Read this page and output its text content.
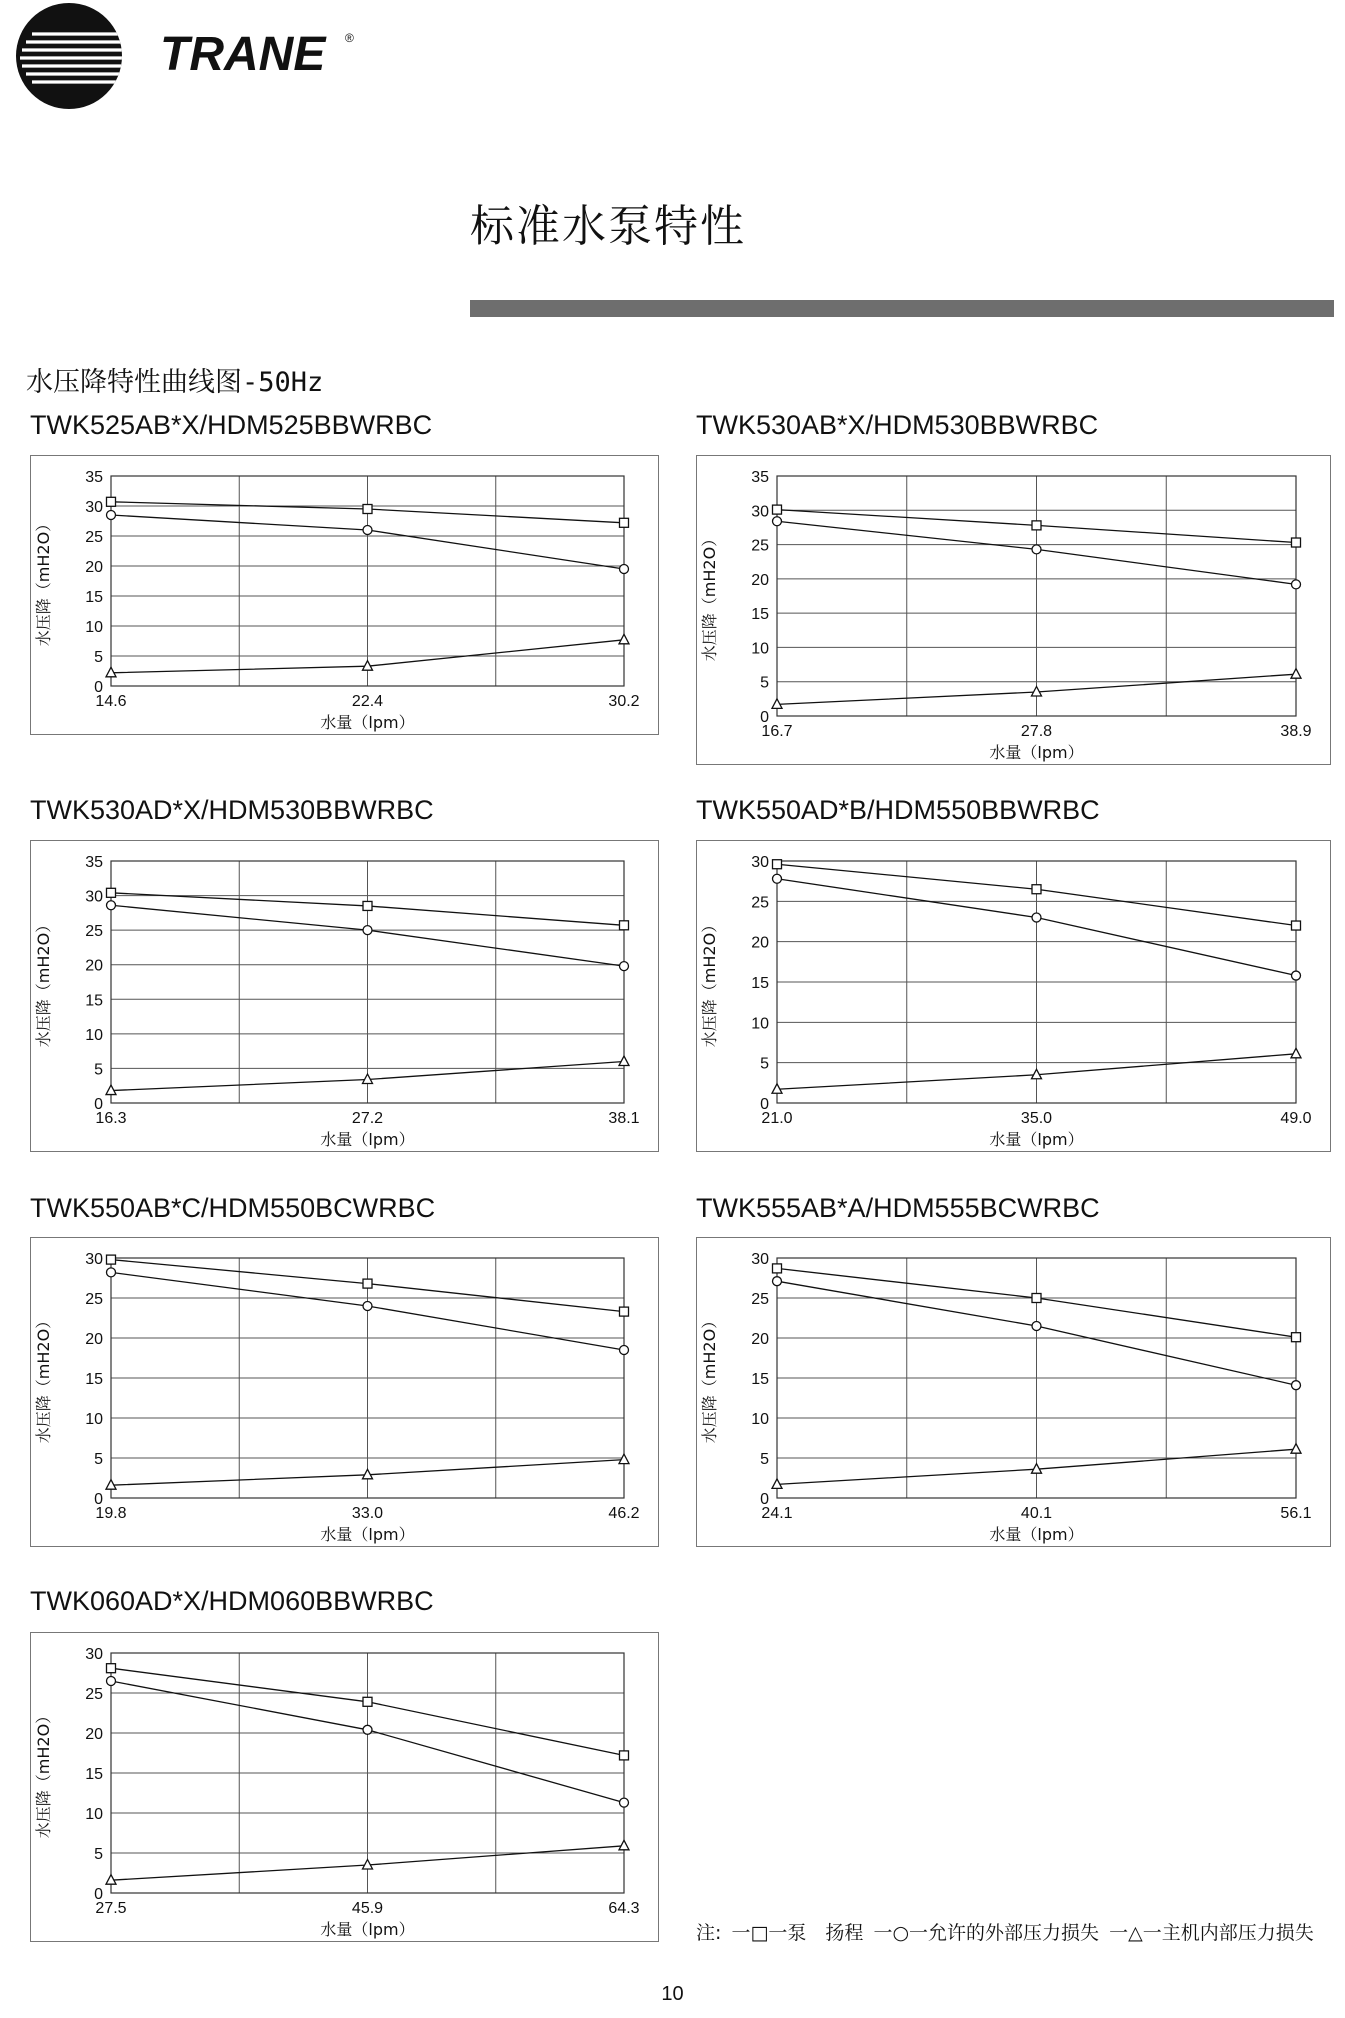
TRANE ®
标准水泵特性
水压降特性曲线图-50Hz
TWK525AB*X/HDM525BBWRBC
0
5
10
15
20
25
30
35
14.6	22.4	30.2
水量（lpm）
水压降（mH2O）
TWK530AB*X/HDM530BBWRBC
0
5
10
15
20
25
30
35
16.7	27.8	38.9
水量（lpm）
水压降（mH2O）
TWK530AD*X/HDM530BBWRBC
0
5
10
15
20
25
30
35
16.3	27.2	38.1
水量（lpm）
水压降（mH2O）
TWK550AD*B/HDM550BBWRBC
0
5
10
15
20
25
30
21.0	35.0	49.0
水量（lpm）
水压降（mH2O）
TWK550AB*C/HDM550BCWRBC
0
5
10
15
20
25
30
19.8	33.0	46.2
水量（lpm）
水压降（mH2O）
TWK555AB*A/HDM555BCWRBC
0
5
10
15
20
25
30
24.1	40.1	56.1
水量（lpm）
水压降（mH2O）
TWK060AD*X/HDM060BBWRBC
0
5
10
15
20
25
30
27.5	45.9	64.3
水量（lpm）
水压降（mH2O）
注: 一□一泵　扬程 一○一允许的外部压力损失 一△一主机内部压力损失
10
